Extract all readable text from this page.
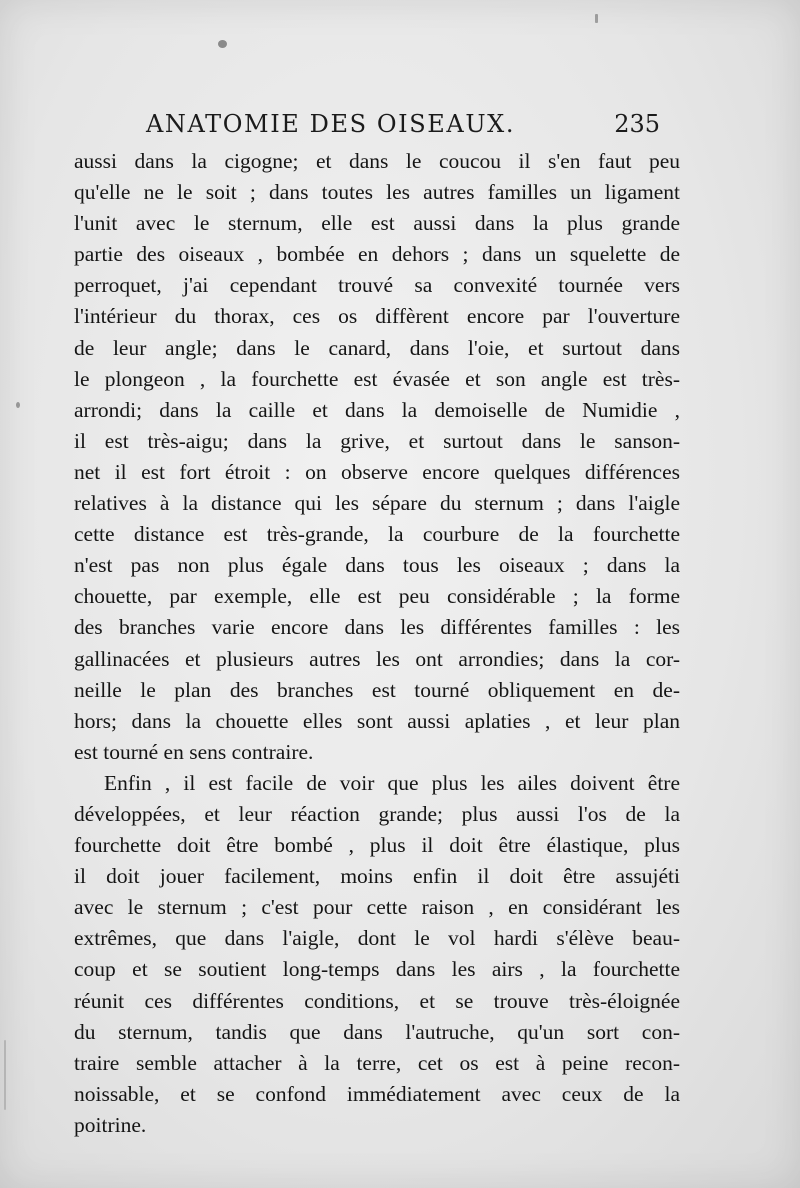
ANATOMIE DES OISEAUX.	235
aussi dans la cigogne; et dans le coucou il s'en faut peu
qu'elle ne le soit ; dans toutes les autres familles un ligament
l'unit avec le sternum, elle est aussi dans la plus grande
partie des oiseaux , bombée en dehors ; dans un squelette de
perroquet, j'ai cependant trouvé sa convexité tournée vers
l'intérieur du thorax, ces os diffèrent encore par l'ouverture
de leur angle; dans le canard, dans l'oie, et surtout dans
le plongeon , la fourchette est évasée et son angle est très-
arrondi; dans la caille et dans la demoiselle de Numidie ,
il est très-aigu; dans la grive, et surtout dans le sanson-
net il est fort étroit : on observe encore quelques différences
relatives à la distance qui les sépare du sternum ; dans l'aigle
cette distance est très-grande, la courbure de la fourchette
n'est pas non plus égale dans tous les oiseaux ; dans la
chouette, par exemple, elle est peu considérable ; la forme
des branches varie encore dans les différentes familles : les
gallinacées et plusieurs autres les ont arrondies; dans la cor-
neille le plan des branches est tourné obliquement en de-
hors; dans la chouette elles sont aussi aplaties , et leur plan
est tourné en sens contraire.
Enfin , il est facile de voir que plus les ailes doivent être
développées, et leur réaction grande; plus aussi l'os de la
fourchette doit être bombé , plus il doit être élastique, plus
il doit jouer facilement, moins enfin il doit être assujéti
avec le sternum ; c'est pour cette raison , en considérant les
extrêmes, que dans l'aigle, dont le vol hardi s'élève beau-
coup et se soutient long-temps dans les airs , la fourchette
réunit ces différentes conditions, et se trouve très-éloignée
du sternum, tandis que dans l'autruche, qu'un sort con-
traire semble attacher à la terre, cet os est à peine recon-
noissable, et se confond immédiatement avec ceux de la
poitrine.
